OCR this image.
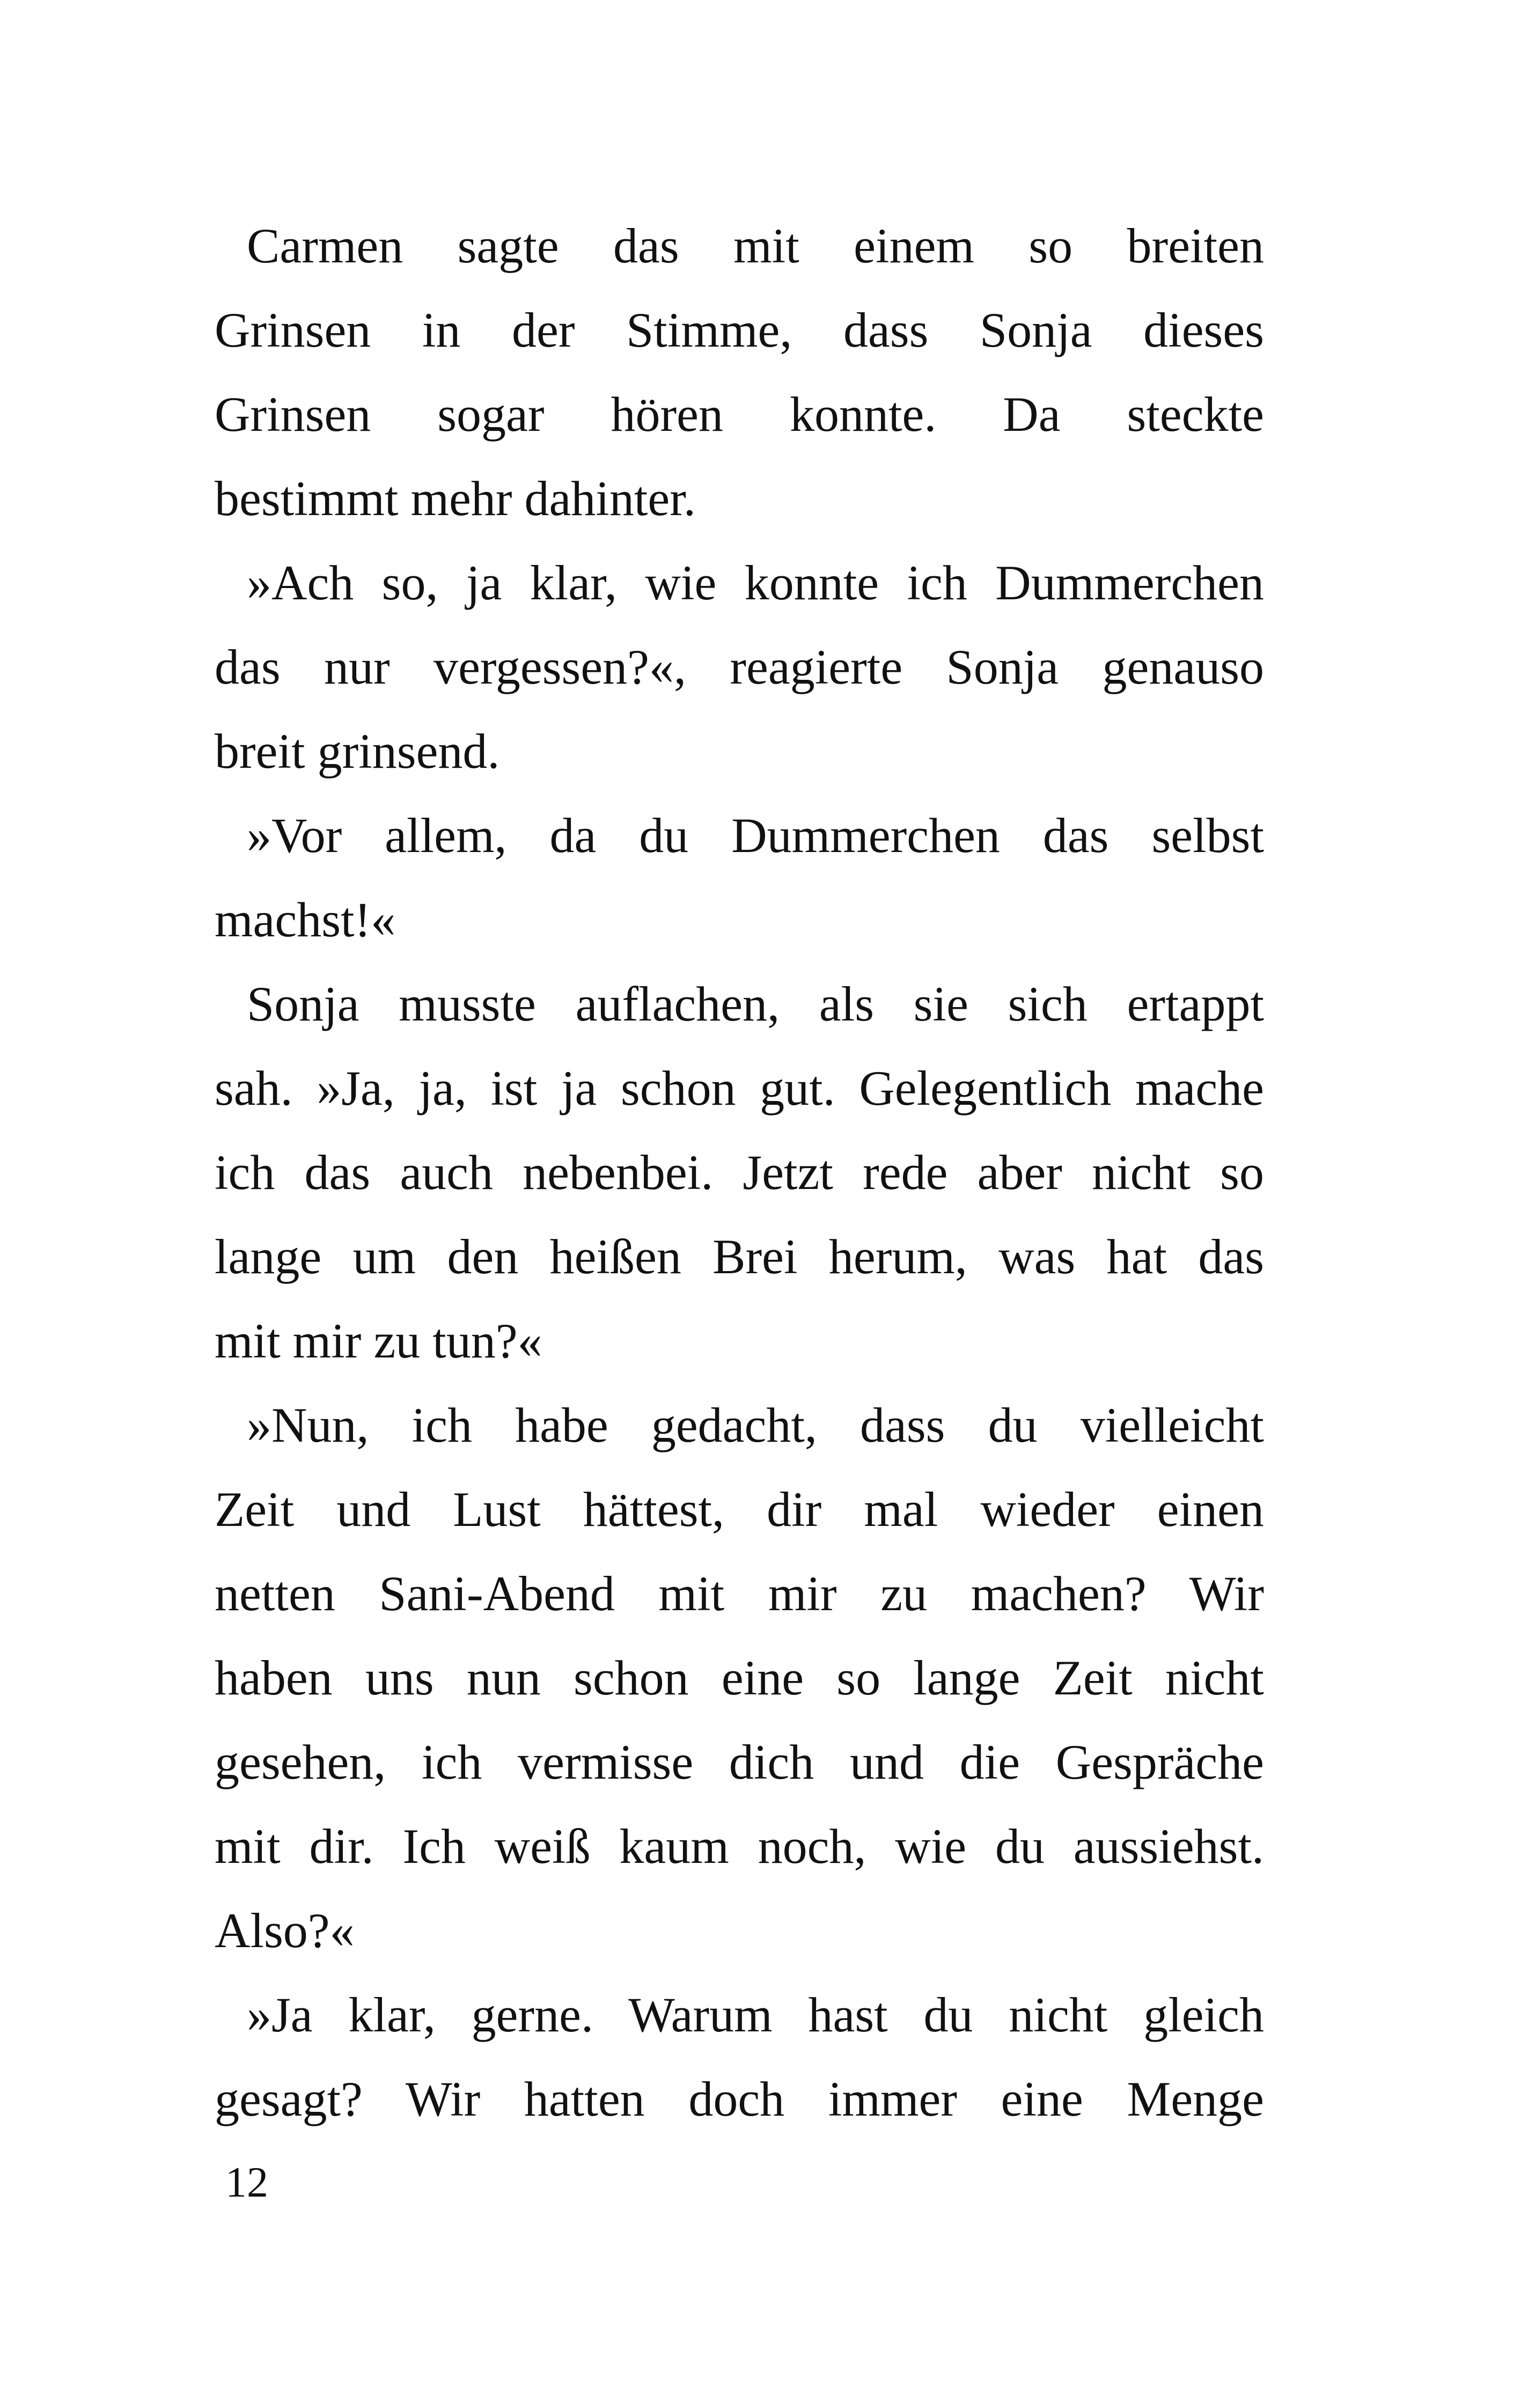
Carmen sagte das mit einem so breiten
Grinsen in der Stimme, dass Sonja dieses
Grinsen sogar hören konnte. Da steckte
bestimmt mehr dahinter.
»Ach so, ja klar, wie konnte ich Dummerchen
das nur vergessen?«, reagierte Sonja genauso
breit grinsend.
»Vor allem, da du Dummerchen das selbst
machst!«
Sonja musste auflachen, als sie sich ertappt
sah. »Ja, ja, ist ja schon gut. Gelegentlich mache
ich das auch nebenbei. Jetzt rede aber nicht so
lange um den heißen Brei herum, was hat das
mit mir zu tun?«
»Nun, ich habe gedacht, dass du vielleicht
Zeit und Lust hättest, dir mal wieder einen
netten Sani-Abend mit mir zu machen? Wir
haben uns nun schon eine so lange Zeit nicht
gesehen, ich vermisse dich und die Gespräche
mit dir. Ich weiß kaum noch, wie du aussiehst.
Also?«
»Ja klar, gerne. Warum hast du nicht gleich
gesagt? Wir hatten doch immer eine Menge
12
